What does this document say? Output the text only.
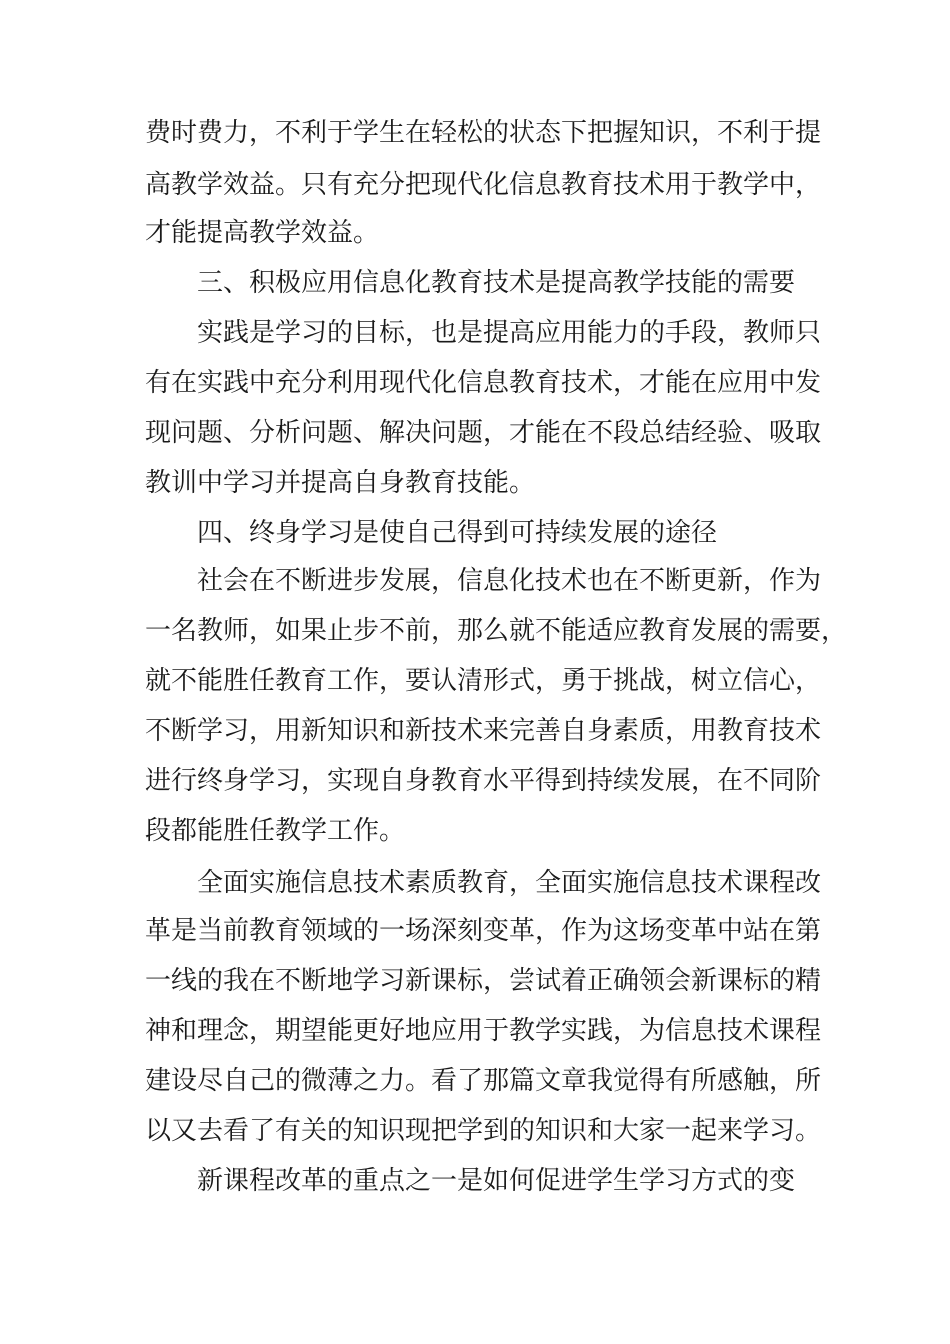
费时费力，不利于学生在轻松的状态下把握知识，不利于提
高教学效益。只有充分把现代化信息教育技术用于教学中，
才能提高教学效益。
三、积极应用信息化教育技术是提高教学技能的需要
实践是学习的目标，也是提高应用能力的手段，教师只
有在实践中充分利用现代化信息教育技术，才能在应用中发
现问题、分析问题、解决问题，才能在不段总结经验、吸取
教训中学习并提高自身教育技能。
四、终身学习是使自己得到可持续发展的途径
社会在不断进步发展，信息化技术也在不断更新，作为
一名教师，如果止步不前，那么就不能适应教育发展的需要，
就不能胜任教育工作，要认清形式，勇于挑战，树立信心，
不断学习，用新知识和新技术来完善自身素质，用教育技术
进行终身学习，实现自身教育水平得到持续发展，在不同阶
段都能胜任教学工作。
全面实施信息技术素质教育，全面实施信息技术课程改
革是当前教育领域的一场深刻变革，作为这场变革中站在第
一线的我在不断地学习新课标，尝试着正确领会新课标的精
神和理念，期望能更好地应用于教学实践，为信息技术课程
建设尽自己的微薄之力。看了那篇文章我觉得有所感触，所
以又去看了有关的知识现把学到的知识和大家一起来学习。
新课程改革的重点之一是如何促进学生学习方式的变
